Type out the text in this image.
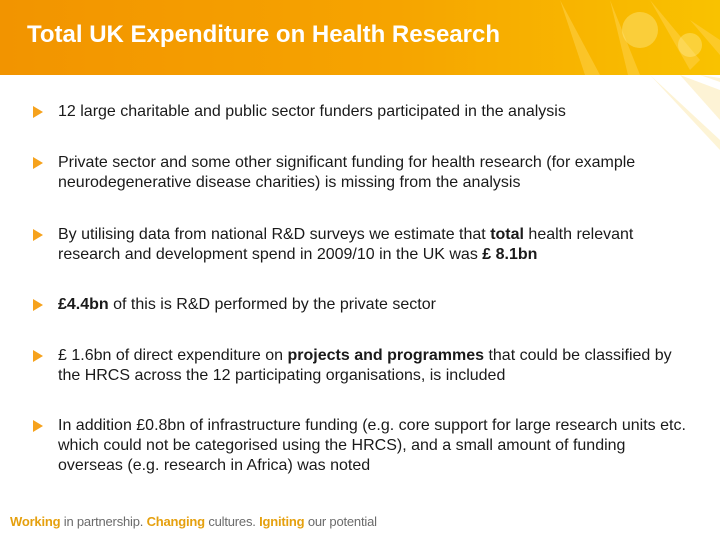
Total UK Expenditure on Health Research
12 large charitable and public sector funders participated in the analysis
Private sector and some other significant funding for health research (for example neurodegenerative disease charities) is missing from the analysis
By utilising data from national R&D surveys we estimate that total health relevant research and development spend in 2009/10 in the UK was £ 8.1bn
£4.4bn of this is R&D performed by the private sector
£ 1.6bn of direct expenditure on projects and programmes that could be classified by the HRCS across the 12 participating organisations, is included
In addition £0.8bn of infrastructure funding (e.g. core support for large research units etc. which could not be categorised using the HRCS), and a small amount of funding overseas (e.g. research in Africa) was noted
Working in partnership. Changing cultures. Igniting our potential
